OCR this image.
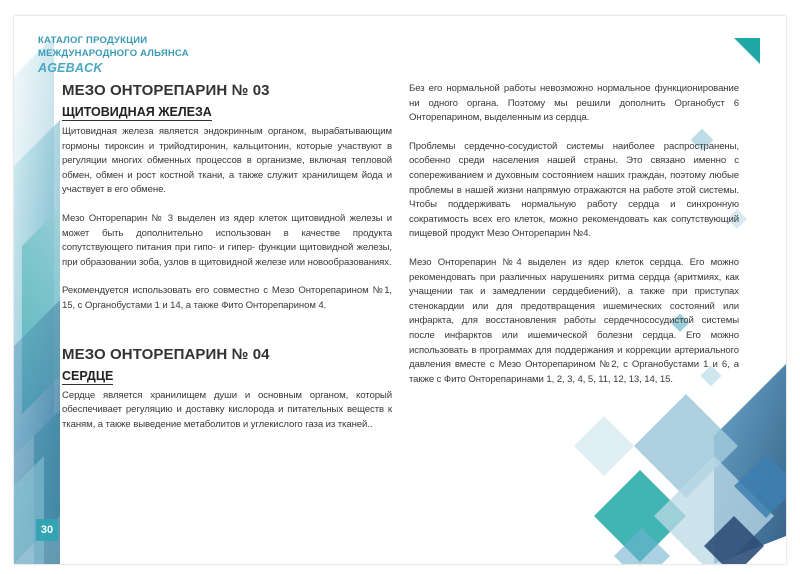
КАТАЛОГ ПРОДУКЦИИ
МЕЖДУНАРОДНОГО АЛЬЯНСА
AGEBACK
МЕЗО ОНТОРЕПАРИН № 03
ЩИТОВИДНАЯ ЖЕЛЕЗА

Щитовидная железа является эндокринным органом, вырабатывающим гормоны тироксин и трийодтиронин, кальцитонин, которые участвуют в регуляции многих обменных процессов в организме, включая тепловой обмен, обмен и рост костной ткани, а также служит хранилищем йода и участвует в его обмене.

Мезо Онторепарин № 3 выделен из ядер клеток щитовидной железы и может быть дополнительно использован в качестве продукта сопутствующего питания при гипо- и гипер- функции щитовидной железы, при образовании зоба, узлов в щитовидной железе или новообразованиях.

Рекомендуется использовать его совместно с Мезо Онторепарином №1, 15, с Органобустами 1 и 14, а также Фито Онторепарином 4.

МЕЗО ОНТОРЕПАРИН № 04
СЕРДЦЕ

Сердце является хранилищем души и основным органом, который обеспечивает регуляцию и доставку кислорода и питательных веществ к тканям, а также выведение метаболитов и углекислого газа из тканей..

Без его нормальной работы невозможно нормальное функционирование ни одного органа. Поэтому мы решили дополнить Органобуст 6 Онторепарином, выделенным из сердца.

Проблемы сердечно-сосудистой системы наиболее распространены, особенно среди населения нашей страны. Это связано именно с сопереживанием и духовным состоянием наших граждан, поэтому любые проблемы в нашей жизни напрямую отражаются на работе этой системы. Чтобы поддерживать нормальную работу сердца и синхронную сократимость всех его клеток, можно рекомендовать как сопутствующий пищевой продукт Мезо Онторепарин №4.

Мезо Онторепарин №4 выделен из ядер клеток сердца. Его можно рекомендовать при различных нарушениях ритма сердца (аритмиях, как учащении так и замедлении сердцебиений), а также при приступах стенокардии или для предотвращения ишемических состояний или инфаркта, для восстановления работы сердечнососудистой системы после инфарктов или ишемической болезни сердца. Его можно использовать в программах для поддержания и коррекции артериального давления вместе с Мезо Онторепарином №2, с Органобустами 1 и 6, а также с Фито Онторепаринами 1, 2, 3, 4, 5, 11, 12, 13, 14, 15.

30
